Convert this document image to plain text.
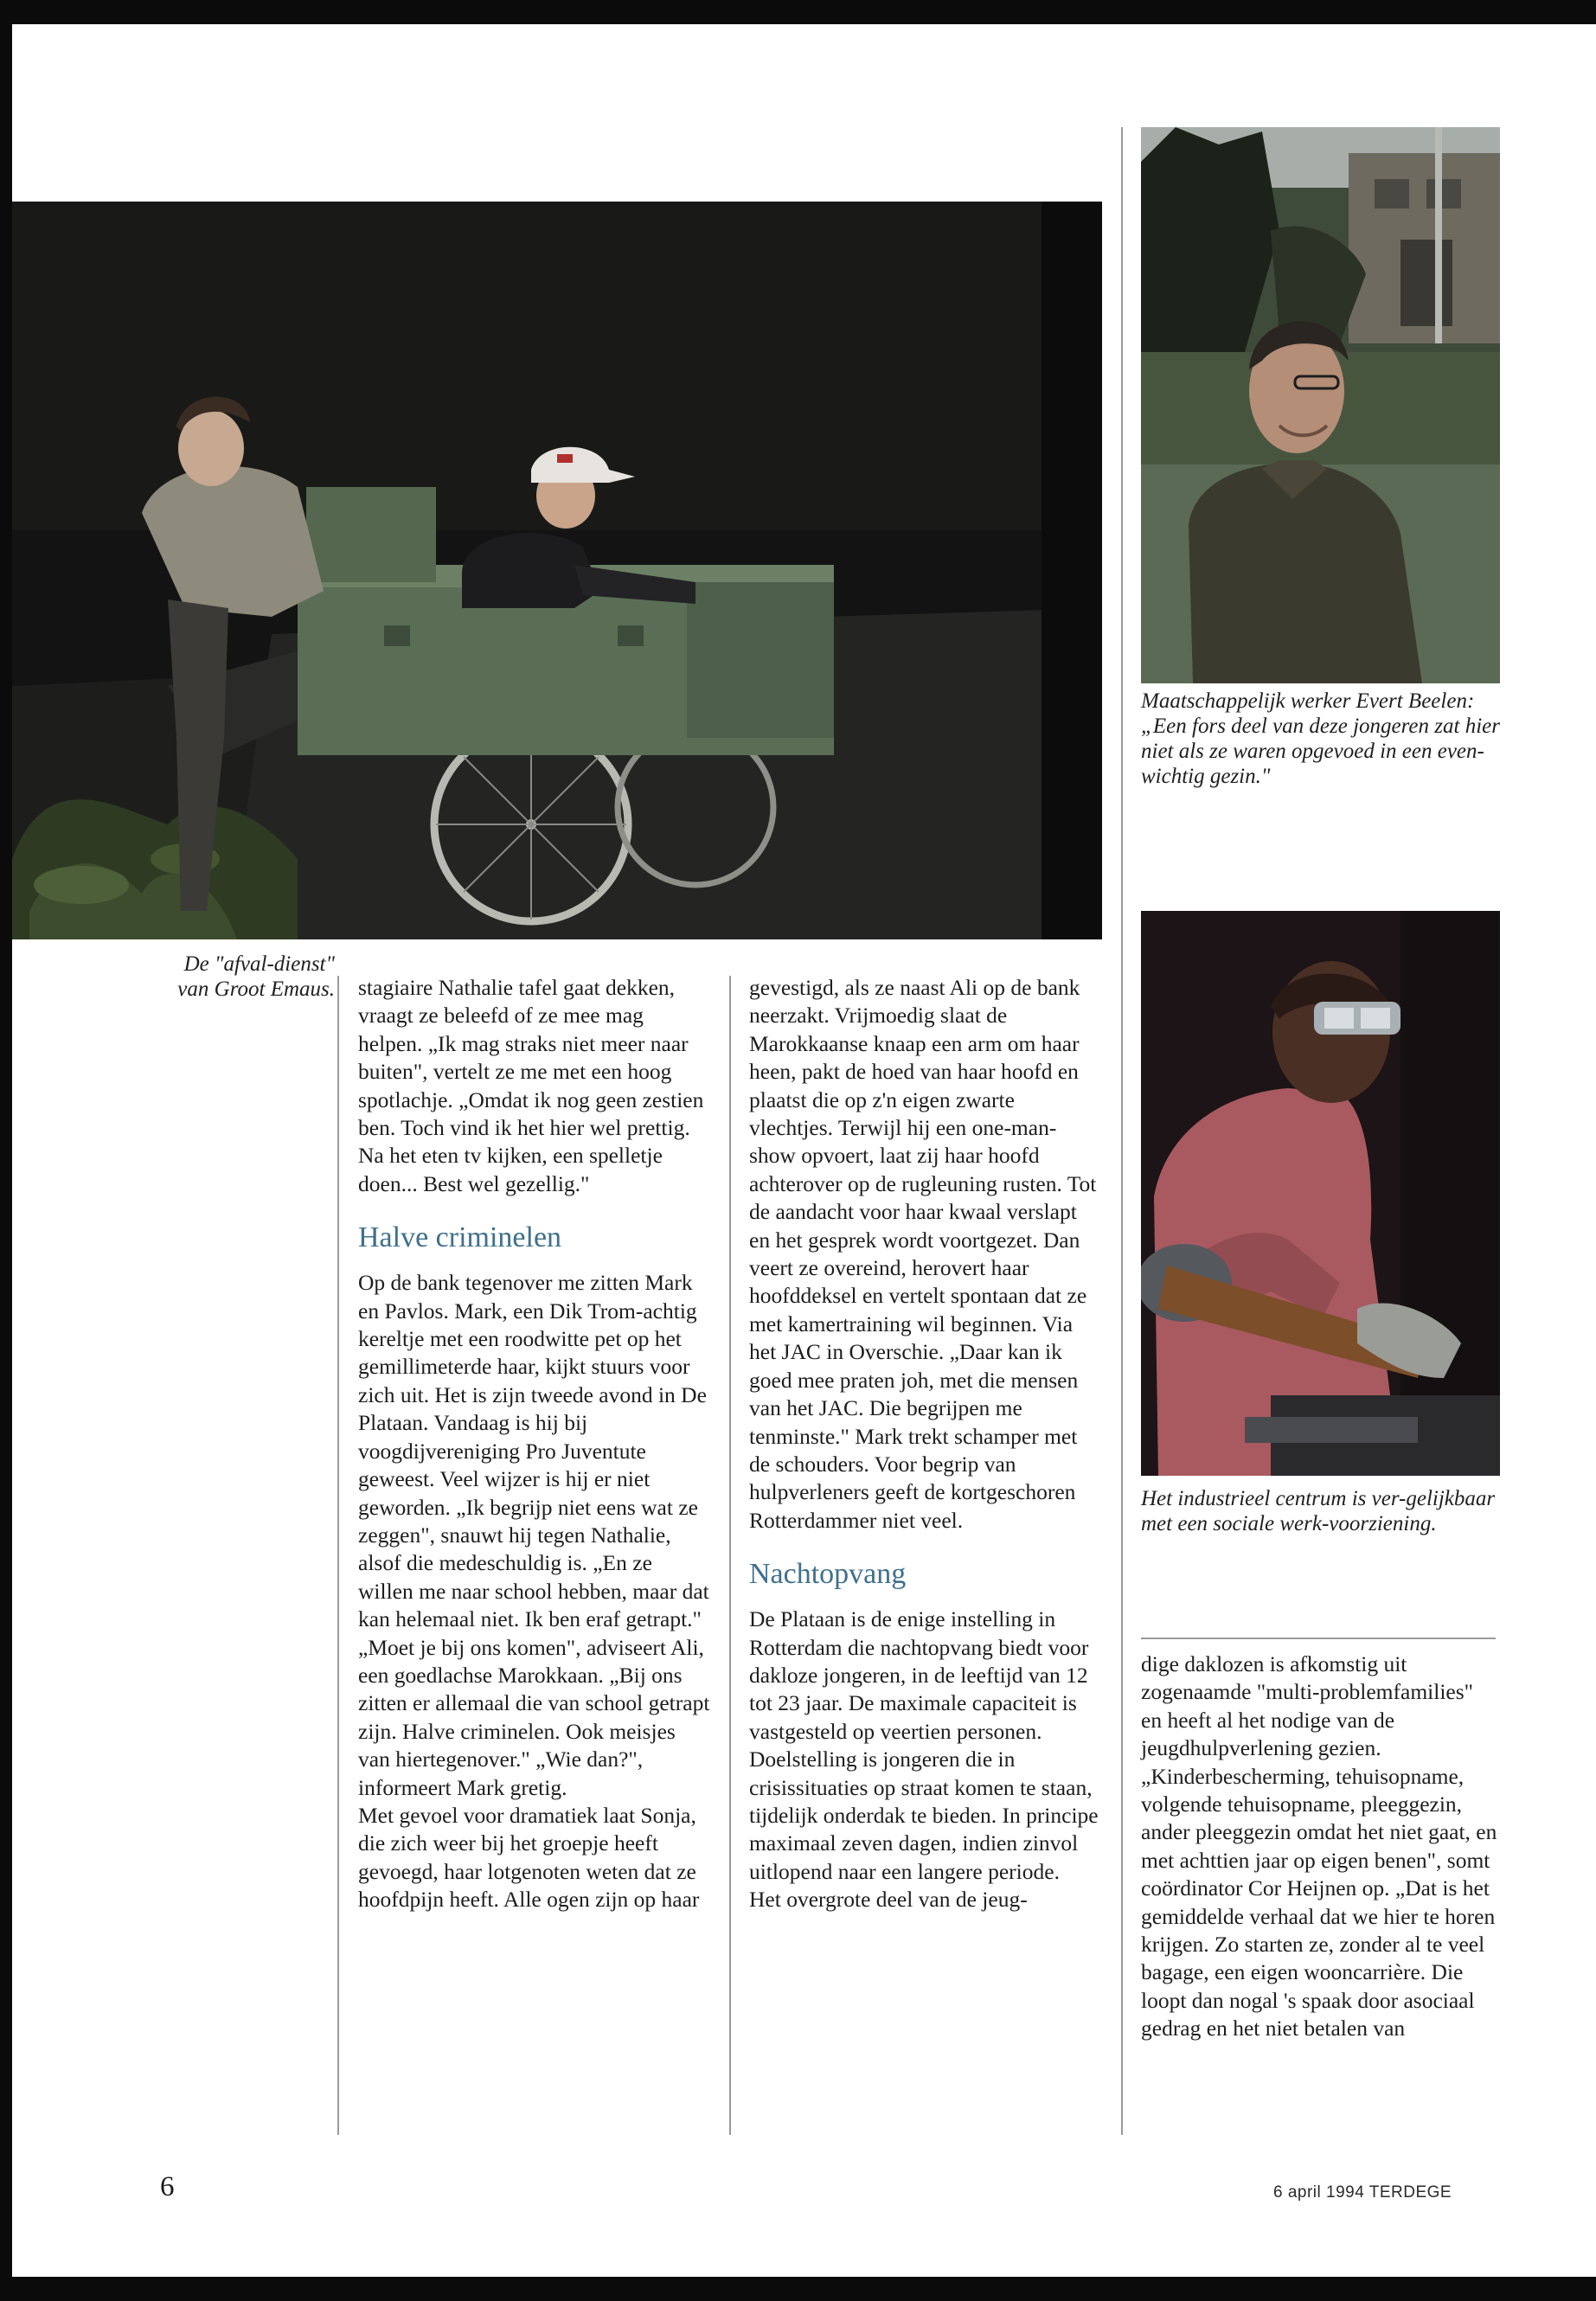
De "afval-dienst" van Groot Emaus.
Maatschappelijk werker Evert Beelen: „Een fors deel van deze jongeren zat hier niet als ze waren opgevoed in een even-wichtig gezin."
Het industrieel centrum is ver-gelijkbaar met een sociale werk-voorziening.

stagiaire Nathalie tafel gaat dekken, vraagt ze beleefd of ze mee mag helpen. „Ik mag straks niet meer naar buiten", vertelt ze me met een hoog spotlachje. „Omdat ik nog geen zestien ben. Toch vind ik het hier wel prettig. Na het eten tv kijken, een spelletje doen... Best wel gezellig."

Halve criminelen

Op de bank tegenover me zitten Mark en Pavlos. Mark, een Dik Trom-achtig kereltje met een roodwitte pet op het gemillimeterde haar, kijkt stuurs voor zich uit. Het is zijn tweede avond in De Plataan. Vandaag is hij bij voogdijvereniging Pro Juventute geweest. Veel wijzer is hij er niet geworden. „Ik begrijp niet eens wat ze zeggen", snauwt hij tegen Nathalie, alsof die medeschuldig is. „En ze willen me naar school hebben, maar dat kan helemaal niet. Ik ben eraf getrapt." „Moet je bij ons komen", adviseert Ali, een goedlachse Marokkaan. „Bij ons zitten er allemaal die van school getrapt zijn. Halve criminelen. Ook meisjes van hiertegenover." „Wie dan?", informeert Mark gretig.

Met gevoel voor dramatiek laat Sonja, die zich weer bij het groepje heeft gevoegd, haar lotgenoten weten dat ze hoofdpijn heeft. Alle ogen zijn op haar

gevestigd, als ze naast Ali op de bank neerzakt. Vrijmoedig slaat de Marokkaanse knaap een arm om haar heen, pakt de hoed van haar hoofd en plaatst die op z'n eigen zwarte vlechtjes. Terwijl hij een one-man-show opvoert, laat zij haar hoofd achterover op de rugleuning rusten. Tot de aandacht voor haar kwaal verslapt en het gesprek wordt voortgezet. Dan veert ze overeind, herovert haar hoofddeksel en vertelt spontaan dat ze met kamertraining wil beginnen. Via het JAC in Overschie. „Daar kan ik goed mee praten joh, met die mensen van het JAC. Die begrijpen me tenminste." Mark trekt schamper met de schouders. Voor begrip van hulpverleners geeft de kortgeschoren Rotterdammer niet veel.

Nachtopvang

De Plataan is de enige instelling in Rotterdam die nachtopvang biedt voor dakloze jongeren, in de leeftijd van 12 tot 23 jaar. De maximale capaciteit is vastgesteld op veertien personen. Doelstelling is jongeren die in crisissituaties op straat komen te staan, tijdelijk onderdak te bieden. In principe maximaal zeven dagen, indien zinvol uitlopend naar een langere periode.

Het overgrote deel van de jeug-

dige daklozen is afkomstig uit zogenaamde "multi-problemfamilies" en heeft al het nodige van de jeugdhulpverlening gezien. „Kinderbescherming, tehuisopname, volgende tehuisopname, pleeggezin, ander pleeggezin omdat het niet gaat, en met achttien jaar op eigen benen", somt coördinator Cor Heijnen op. „Dat is het gemiddelde verhaal dat we hier te horen krijgen. Zo starten ze, zonder al te veel bagage, een eigen wooncarrière. Die loopt dan nogal 's spaak door asociaal gedrag en het niet betalen van

6	6 april 1994 TERDEGE
